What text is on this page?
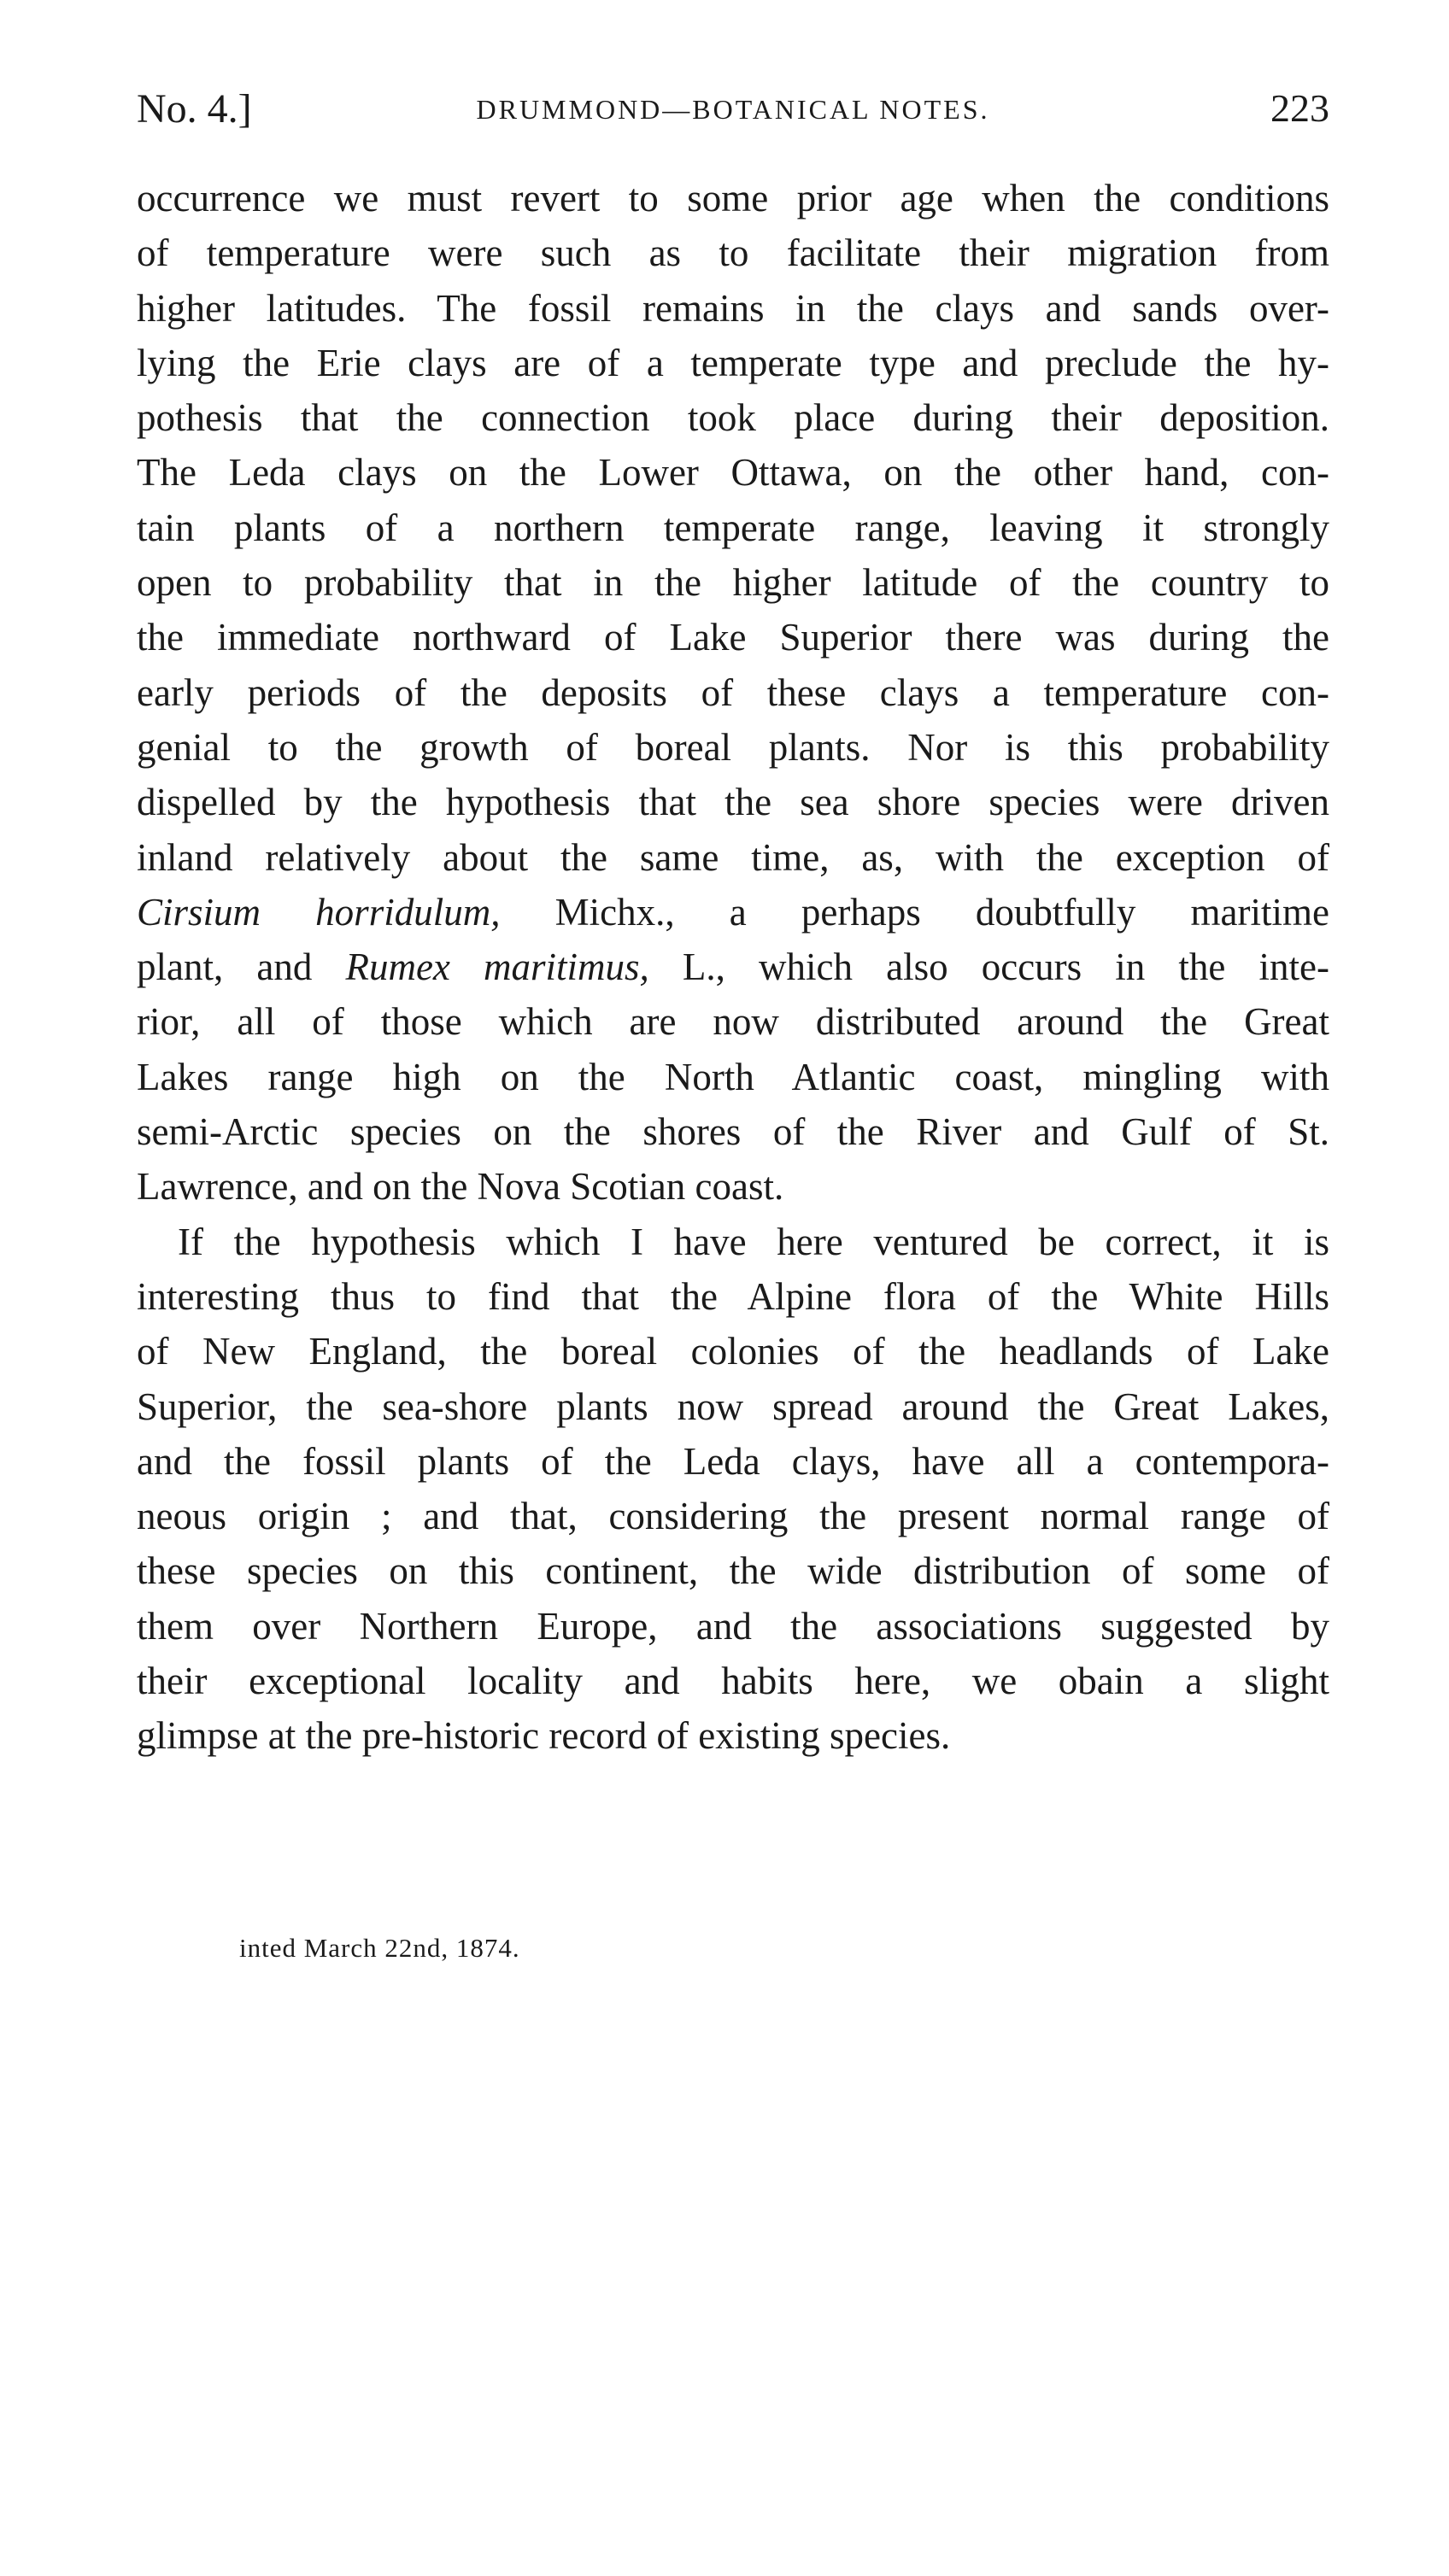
No. 4.]	DRUMMOND—BOTANICAL NOTES.	223
occurrence we must revert to some prior age when the conditions
of temperature were such as to facilitate their migration from
higher latitudes. The fossil remains in the clays and sands over-
lying the Erie clays are of a temperate type and preclude the hy-
pothesis that the connection took place during their deposition.
The Leda clays on the Lower Ottawa, on the other hand, con-
tain plants of a northern temperate range, leaving it strongly
open to probability that in the higher latitude of the country to
the immediate northward of Lake Superior there was during the
early periods of the deposits of these clays a temperature con-
genial to the growth of boreal plants. Nor is this probability
dispelled by the hypothesis that the sea shore species were driven
inland relatively about the same time, as, with the exception of
Cirsium horridulum, Michx., a perhaps doubtfully maritime
plant, and Rumex maritimus, L., which also occurs in the inte-
rior, all of those which are now distributed around the Great
Lakes range high on the North Atlantic coast, mingling with
semi-Arctic species on the shores of the River and Gulf of St.
Lawrence, and on the Nova Scotian coast.
If the hypothesis which I have here ventured be correct, it is
interesting thus to find that the Alpine flora of the White Hills
of New England, the boreal colonies of the headlands of Lake
Superior, the sea-shore plants now spread around the Great Lakes,
and the fossil plants of the Leda clays, have all a contempora-
neous origin ; and that, considering the present normal range of
these species on this continent, the wide distribution of some of
them over Northern Europe, and the associations suggested by
their exceptional locality and habits here, we obain a slight
glimpse at the pre-historic record of existing species.
inted March 22nd, 1874.
